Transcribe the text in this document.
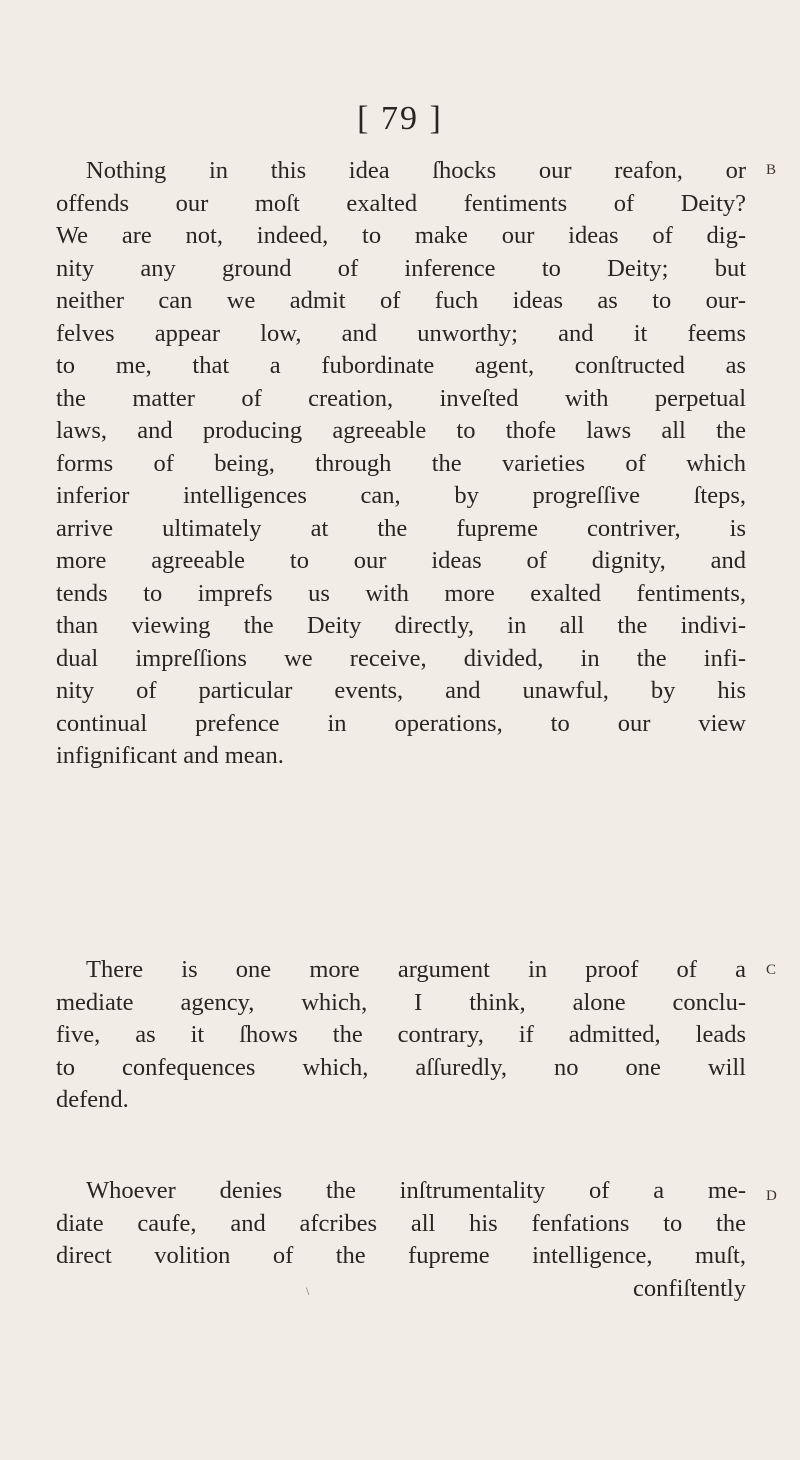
[ 79 ]
Nothing in this idea ſhocks our reafon, or
offends our moſt exalted fentiments of Deity?
We are not, indeed, to make our ideas of dig-
nity any ground of inference to Deity; but
neither can we admit of fuch ideas as to our-
felves appear low, and unworthy; and it feems
to me, that a fubordinate agent, conſtructed as
the matter of creation, inveſted with perpetual
laws, and producing agreeable to thofe laws all the
forms of being, through the varieties of which
inferior intelligences can, by progreſſive ſteps,
arrive ultimately at the fupreme contriver, is
more agreeable to our ideas of dignity, and
tends to imprefs us with more exalted fentiments,
than viewing the Deity directly, in all the indivi-
dual impreſſions we receive, divided, in the infi-
nity of particular events, and unawful, by his
continual prefence in operations, to our view
infignificant and mean.
There is one more argument in proof of a
mediate agency, which, I think, alone conclu-
five, as it ſhows the contrary, if admitted, leads
to confequences which, aſſuredly, no one will
defend.
Whoever denies the inſtrumentality of a me-
diate caufe, and afcribes all his fenfations to the
direct volition of the fupreme intelligence, muſt,
confiſtently
B
C
D
\
